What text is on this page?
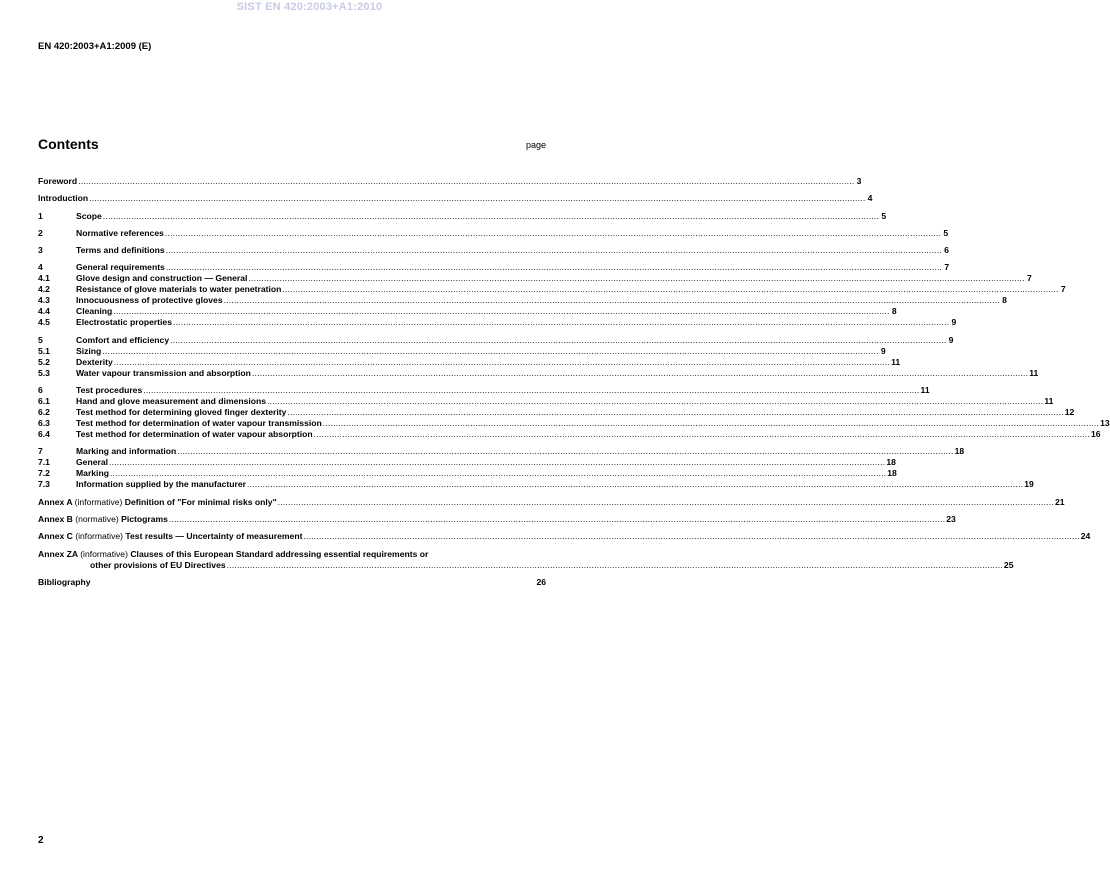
SIST EN 420:2003+A1:2010
EN 420:2003+A1:2009 (E)
Contents	page
Foreword ............................................................................................................................................................................................................................................................................................................ 3
Introduction ............................................................................................................................................................................................................................................................................................................ 4
1	Scope ............................................................................................................................................................................................................................................................................................................ 5
2	Normative references ............................................................................................................................................................................................................................................................................................................ 5
3	Terms and definitions ............................................................................................................................................................................................................................................................................................................ 6
4	General requirements ............................................................................................................................................................................................................................................................................................................ 7
4.1	Glove design and construction — General ............................................................................................................................................................................................................................................................................................................ 7
4.2	Resistance of glove materials to water penetration ............................................................................................................................................................................................................................................................................................................ 7
4.3	Innocuousness of protective gloves ............................................................................................................................................................................................................................................................................................................ 8
4.4	Cleaning ............................................................................................................................................................................................................................................................................................................ 8
4.5	Electrostatic properties ............................................................................................................................................................................................................................................................................................................ 9
5	Comfort and efficiency ............................................................................................................................................................................................................................................................................................................ 9
5.1	Sizing ............................................................................................................................................................................................................................................................................................................ 9
5.2	Dexterity ............................................................................................................................................................................................................................................................................................................ 11
5.3	Water vapour transmission and absorption ............................................................................................................................................................................................................................................................................................................ 11
6	Test procedures ............................................................................................................................................................................................................................................................................................................ 11
6.1	Hand and glove measurement and dimensions ............................................................................................................................................................................................................................................................................................................ 11
6.2	Test method for determining gloved finger dexterity ............................................................................................................................................................................................................................................................................................................ 12
6.3	Test method for determination of water vapour transmission ............................................................................................................................................................................................................................................................................................................ 13
6.4	Test method for determination of water vapour absorption ............................................................................................................................................................................................................................................................................................................ 16
7	Marking and information ............................................................................................................................................................................................................................................................................................................ 18
7.1	General ............................................................................................................................................................................................................................................................................................................ 18
7.2	Marking ............................................................................................................................................................................................................................................................................................................ 18
7.3	Information supplied by the manufacturer ............................................................................................................................................................................................................................................................................................................ 19
Annex A (informative) Definition of "For minimal risks only" ............................................................................................................................................................................................................................................................................................................ 21
Annex B (normative) Pictograms ............................................................................................................................................................................................................................................................................................................ 23
Annex C (informative) Test results — Uncertainty of measurement ............................................................................................................................................................................................................................................................................................................ 24
Annex ZA (informative) Clauses of this European Standard addressing essential requirements or
other provisions of EU Directives ............................................................................................................................................................................................................................................................................................................ 25
Bibliography	26
2
